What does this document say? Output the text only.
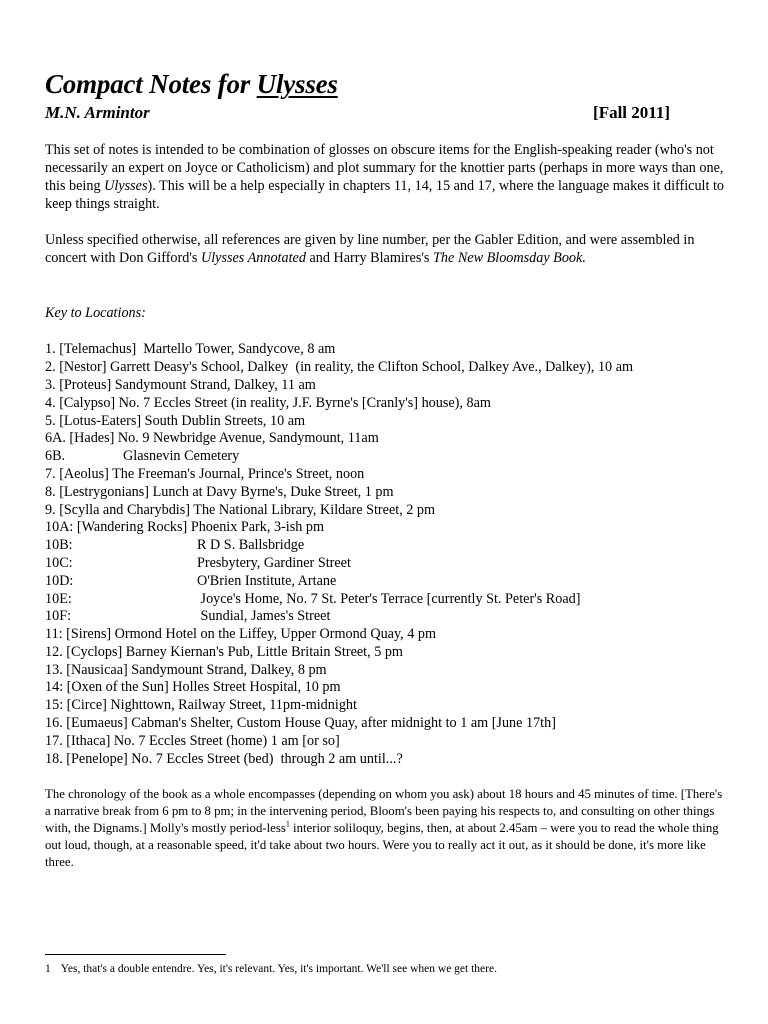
Compact Notes for Ulysses
M.N. Armintor	[Fall 2011]

This set of notes is intended to be combination of glosses on obscure items for the English-speaking reader (who's not necessarily an expert on Joyce or Catholicism) and plot summary for the knottier parts (perhaps in more ways than one, this being Ulysses). This will be a help especially in chapters 11, 14, 15 and 17, where the language makes it difficult to keep things straight.

Unless specified otherwise, all references are given by line number, per the Gabler Edition, and were assembled in concert with Don Gifford's Ulysses Annotated and Harry Blamires's The New Bloomsday Book.

Key to Locations:

1. [Telemachus]  Martello Tower, Sandycove, 8 am
2. [Nestor] Garrett Deasy's School, Dalkey  (in reality, the Clifton School, Dalkey Ave., Dalkey), 10 am
3. [Proteus] Sandymount Strand, Dalkey, 11 am
4. [Calypso] No. 7 Eccles Street (in reality, J.F. Byrne's [Cranly's] house), 8am
5. [Lotus-Eaters] South Dublin Streets, 10 am
6A. [Hades] No. 9 Newbridge Avenue, Sandymount, 11am
6B.	Glasnevin Cemetery
7. [Aeolus] The Freeman's Journal, Prince's Street, noon
8. [Lestrygonians] Lunch at Davy Byrne's, Duke Street, 1 pm
9. [Scylla and Charybdis] The National Library, Kildare Street, 2 pm
10A: [Wandering Rocks] Phoenix Park, 3-ish pm
10B:	R D S. Ballsbridge
10C:	Presbytery, Gardiner Street
10D:	O'Brien Institute, Artane
10E:	Joyce's Home, No. 7 St. Peter's Terrace [currently St. Peter's Road]
10F:	Sundial, James's Street
11: [Sirens] Ormond Hotel on the Liffey, Upper Ormond Quay, 4 pm
12. [Cyclops] Barney Kiernan's Pub, Little Britain Street, 5 pm
13. [Nausicaa] Sandymount Strand, Dalkey, 8 pm
14: [Oxen of the Sun] Holles Street Hospital, 10 pm
15: [Circe] Nighttown, Railway Street, 11pm-midnight
16. [Eumaeus] Cabman's Shelter, Custom House Quay, after midnight to 1 am [June 17th]
17. [Ithaca] No. 7 Eccles Street (home) 1 am [or so]
18. [Penelope] No. 7 Eccles Street (bed)  through 2 am until...?

The chronology of the book as a whole encompasses (depending on whom you ask) about 18 hours and 45 minutes of time. [There's a narrative break from 6 pm to 8 pm; in the intervening period, Bloom's been paying his respects to, and consulting on other things with, the Dignams.] Molly's mostly period-less$^1$ interior soliloquy, begins, then, at about 2.45am – were you to read the whole thing out loud, though, at a reasonable speed, it'd take about two hours. Were you to really act it out, as it should be done, it's more like three.

1 Yes, that's a double entendre. Yes, it's relevant. Yes, it's important. We'll see when we get there.
